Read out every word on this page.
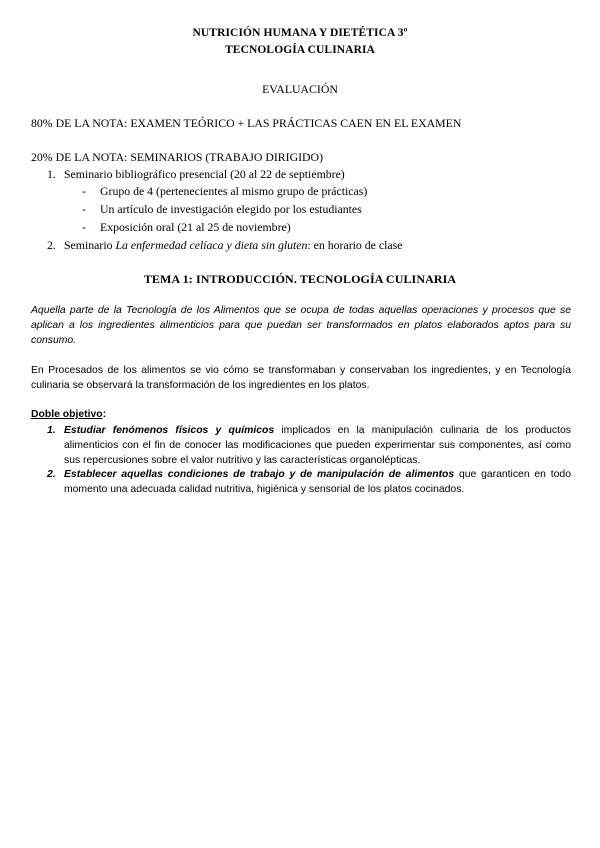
NUTRICIÓN HUMANA Y DIETÉTICA 3º
TECNOLOGÍA CULINARIA
EVALUACIÓN
80% DE LA NOTA: EXAMEN TEÓRICO + LAS PRÁCTICAS CAEN EN EL EXAMEN
20% DE LA NOTA: SEMINARIOS (TRABAJO DIRIGIDO)
1. Seminario bibliográfico presencial (20 al 22 de septiembre)
- Grupo de 4 (pertenecientes al mismo grupo de prácticas)
- Un artículo de investigación elegido por los estudiantes
- Exposición oral (21 al 25 de noviembre)
2. Seminario La enfermedad celíaca y dieta sin gluten: en horario de clase
TEMA 1: INTRODUCCIÓN. TECNOLOGÍA CULINARIA
Aquella parte de la Tecnología de los Alimentos que se ocupa de todas aquellas operaciones y procesos que se aplican a los ingredientes alimenticios para que puedan ser transformados en platos elaborados aptos para su consumo.
En Procesados de los alimentos se vio cómo se transformaban y conservaban los ingredientes, y en Tecnología culinaria se observará la transformación de los ingredientes en los platos.
Doble objetivo:
1. Estudiar fenómenos físicos y químicos implicados en la manipulación culinaria de los productos alimenticios con el fin de conocer las modificaciones que pueden experimentar sus componentes, así como sus repercusiones sobre el valor nutritivo y las características organolépticas.
2. Establecer aquellas condiciones de trabajo y de manipulación de alimentos que garanticen en todo momento una adecuada calidad nutritiva, higiénica y sensorial de los platos cocinados.
